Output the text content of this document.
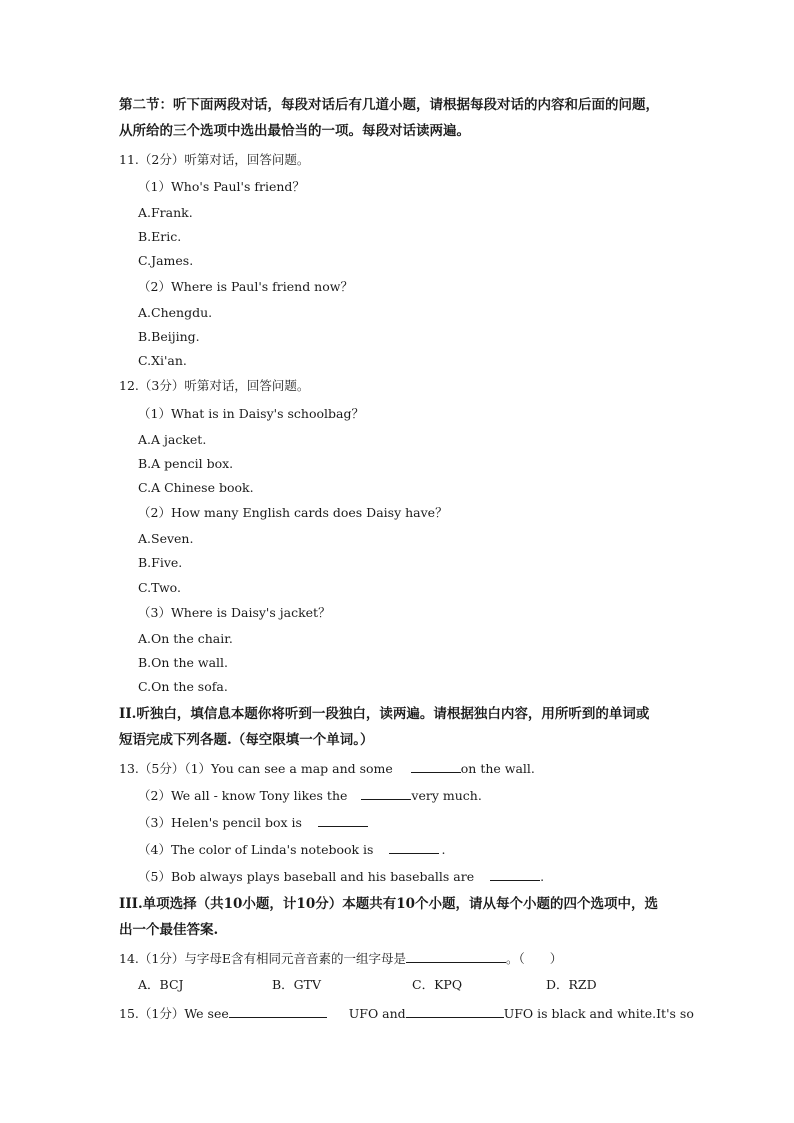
第二节：听下面两段对话，每段对话后有几道小题，请根据每段对话的内容和后面的问题，
从所给的三个选项中选出最恰当的一项。每段对话读两遍。
11.（2分）听第对话，回答问题。
（1）Who's Paul's friend？
A.Frank.
B.Eric.
C.James.
（2）Where is Paul's friend now？
A.Chengdu.
B.Beijing.
C.Xi'an.
12.（3分）听第对话，回答问题。
（1）What is in Daisy's schoolbag？
A.A jacket.
B.A pencil box.
C.A Chinese book.
（2）How many English cards does Daisy have？
A.Seven.
B.Five.
C.Two.
（3）Where is Daisy's jacket？
A.On the chair.
B.On the wall.
C.On the sofa.
II.听独白，填信息本题你将听到一段独白，读两遍。请根据独白内容，用所听到的单词或
短语完成下列各题.（每空限填一个单词。）
13.（5分）（1）You can see a map and some	on the wall.
（2）We all - know Tony likes the	very much.
（3）Helen's pencil box is
（4）The color of Linda's notebook is	.
（5）Bob always plays baseball and his baseballs are	.
III.单项选择（共10小题，计10分）本题共有10个小题，请从每个小题的四个选项中，选
出一个最佳答案.
14.（1分）与字母E含有相同元音音素的一组字母是	。（　　）
A．BCJ	B．GTV	C．KPQ	D．RZD
15.（1分）We see	UFO and	UFO is black and white.It's so
